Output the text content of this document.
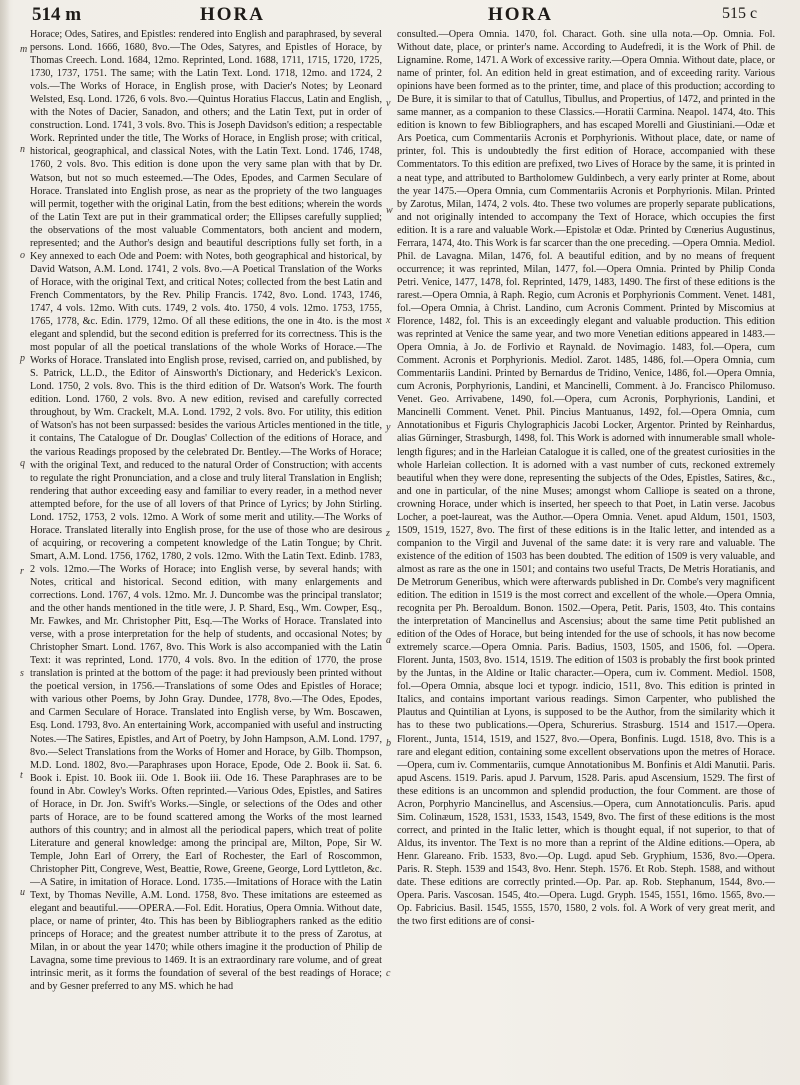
514 m	HORA	HORA	515 c

Horace; Odes, Satires, and Epistles: rendered into English and paraphrased, by several persons. Lond. 1666, 1680, 8vo.—The Odes, Satyres, and Epistles of Horace, by Thomas Creech. Lond. 1684, 12mo. Reprinted, Lond. 1688, 1711, 1715, 1720, 1725, 1730, 1737, 1751. The same; with the Latin Text. Lond. 1718, 12mo. and 1724, 2 vols.—The Works of Horace, in English prose, with Dacier's Notes; by Leonard Welsted, Esq. Lond. 1726, 6 vols. 8vo.—Quintus Horatius Flaccus, Latin and English, with the Notes of Dacier, Sanadon, and others; and the Latin Text, put in order of construction. Lond. 1741, 3 vols. 8vo. This is Joseph Davidson's edition; a respectable Work. Reprinted under the title, The Works of Horace, in English prose; with critical, historical, geographical, and classical Notes, with the Latin Text. Lond. 1746, 1748, 1760, 2 vols. 8vo. This edition is done upon the very same plan with that by Dr. Watson, but not so much esteemed.—The Odes, Epodes, and Carmen Seculare of Horace. Translated into English prose, as near as the propriety of the two languages will permit, together with the original Latin, from the best editions; wherein the words of the Latin Text are put in their grammatical order; the Ellipses carefully supplied; the observations of the most valuable Commentators, both ancient and modern, represented; and the Author's design and beautiful descriptions fully set forth, in a Key annexed to each Ode and Poem: with Notes, both geographical and historical, by David Watson, A.M. Lond. 1741, 2 vols. 8vo.—A Poetical Translation of the Works of Horace, with the original Text, and critical Notes; collected from the best Latin and French Commentators, by the Rev. Philip Francis. 1742, 8vo. Lond. 1743, 1746, 1747, 4 vols. 12mo. With cuts. 1749, 2 vols. 4to. 1750, 4 vols. 12mo. 1753, 1755, 1765, 1778, &c. Edin. 1779, 12mo. Of all these editions, the one in 4to. is the most elegant and splendid, but the second edition is preferred for its correctness. This is the most popular of all the poetical translations of the whole Works of Horace.—The Works of Horace. Translated into English prose, revised, carried on, and published, by S. Patrick, LL.D., the Editor of Ainsworth's Dictionary, and Hederick's Lexicon. Lond. 1750, 2 vols. 8vo. This is the third edition of Dr. Watson's Work. The fourth edition. Lond. 1760, 2 vols. 8vo. A new edition, revised and carefully corrected throughout, by Wm. Crackelt, M.A. Lond. 1792, 2 vols. 8vo. For utility, this edition of Watson's has not been surpassed: besides the various Articles mentioned in the title, it contains, The Catalogue of Dr. Douglas' Collection of the editions of Horace, and the various Readings proposed by the celebrated Dr. Bentley.—The Works of Horace; with the original Text, and reduced to the natural Order of Construction; with accents to regulate the right Pronunciation, and a close and truly literal Translation in English; rendering that author exceeding easy and familiar to every reader, in a method never attempted before, for the use of all lovers of that Prince of Lyrics; by John Stirling. Lond. 1752, 1753, 2 vols. 12mo. A Work of some merit and utility.—The Works of Horace. Translated literally into English prose, for the use of those who are desirous of acquiring, or recovering a competent knowledge of the Latin Tongue; by Chrit. Smart, A.M. Lond. 1756, 1762, 1780, 2 vols. 12mo. With the Latin Text. Edinb. 1783, 2 vols. 12mo.—The Works of Horace; into English verse, by several hands; with Notes, critical and historical. Second edition, with many enlargements and corrections. Lond. 1767, 4 vols. 12mo. Mr. J. Duncombe was the principal translator; and the other hands mentioned in the title were, J. P. Shard, Esq., Wm. Cowper, Esq., Mr. Fawkes, and Mr. Christopher Pitt, Esq.—The Works of Horace. Translated into verse, with a prose interpretation for the help of students, and occasional Notes; by Christopher Smart. Lond. 1767, 8vo. This Work is also accompanied with the Latin Text: it was reprinted, Lond. 1770, 4 vols. 8vo. In the edition of 1770, the prose translation is printed at the bottom of the page: it had previously been printed without the poetical version, in 1756.—Translations of some Odes and Epistles of Horace; with various other Poems, by John Gray. Dundee, 1778, 8vo.—The Odes, Epodes, and Carmen Seculare of Horace. Translated into English verse, by Wm. Boscawen, Esq. Lond. 1793, 8vo. An entertaining Work, accompanied with useful and instructing Notes.—The Satires, Epistles, and Art of Poetry, by John Hampson, A.M. Lond. 1797, 8vo.—Select Translations from the Works of Homer and Horace, by Gilb. Thompson, M.D. Lond. 1802, 8vo.—Paraphrases upon Horace, Epode, Ode 2. Book ii. Sat. 6. Book i. Epist. 10. Book iii. Ode 1. Book iii. Ode 16. These Paraphrases are to be found in Abr. Cowley's Works. Often reprinted.—Various Odes, Epistles, and Satires of Horace, in Dr. Jon. Swift's Works.—Single, or selections of the Odes and other parts of Horace, are to be found scattered among the Works of the most learned authors of this country; and in almost all the periodical papers, which treat of polite Literature and general knowledge: among the principal are, Milton, Pope, Sir W. Temple, John Earl of Orrery, the Earl of Rochester, the Earl of Roscommon, Christopher Pitt, Congreve, West, Beattie, Rowe, Greene, George, Lord Lyttleton, &c.—A Satire, in imitation of Horace. Lond. 1735.—Imitations of Horace with the Latin Text, by Thomas Neville, A.M. Lond. 1758, 8vo. These imitations are esteemed as elegant and beautiful.——OPERA.—Fol. Edit. Horatius, Opera Omnia. Without date, place, or name of printer, 4to. This has been by Bibliographers ranked as the editio princeps of Horace; and the greatest number attribute it to the press of Zarotus, at Milan, in or about the year 1470; while others imagine it the production of Philip de Lavagna, some time previous to 1469. It is an extraordinary rare volume, and of great intrinsic merit, as it forms the foundation of several of the best readings of Horace; and by Gesner preferred to any MS. which he had

consulted.—Opera Omnia. 1470, fol. Charact. Goth. sine ulla nota.—Op. Omnia. Fol. Without date, place, or printer's name. According to Audefredi, it is the Work of Phil. de Lignamine. Rome, 1471. A Work of excessive rarity.—Opera Omnia. Without date, place, or name of printer, fol. An edition held in great estimation, and of exceeding rarity. Various opinions have been formed as to the printer, time, and place of this production; according to De Bure, it is similar to that of Catullus, Tibullus, and Propertius, of 1472, and printed in the same manner, as a companion to these Classics.—Horatii Carmina. Neapol. 1474, 4to. This edition is known to few Bibliographers, and has escaped Morelli and Giustiniani.—Odæ et Ars Poetica, cum Commentariis Acronis et Porphyrionis. Without place, date, or name of printer, fol. This is undoubtedly the first edition of Horace, accompanied with these Commentators. To this edition are prefixed, two Lives of Horace by the same, it is printed in a neat type, and attributed to Bartholomew Guldinbech, a very early printer at Rome, about the year 1475.—Opera Omnia, cum Commentariis Acronis et Porphyrionis. Milan. Printed by Zarotus, Milan, 1474, 2 vols. 4to. These two volumes are properly separate publications, and not originally intended to accompany the Text of Horace, which occupies the first edition. It is a rare and valuable Work.—Epistolæ et Odæ. Printed by Cœnerius Augustinus, Ferrara, 1474, 4to. This Work is far scarcer than the one preceding. —Opera Omnia. Mediol. Phil. de Lavagna. Milan, 1476, fol. A beautiful edition, and by no means of frequent occurrence; it was reprinted, Milan, 1477, fol.—Opera Omnia. Printed by Philip Conda Petri. Venice, 1477, 1478, fol. Reprinted, 1479, 1483, 1490. The first of these editions is the rarest.—Opera Omnia, à Raph. Regio, cum Acronis et Porphyrionis Comment. Venet. 1481, fol.—Opera Omnia, à Christ. Landino, cum Acronis Comment. Printed by Miscomius at Florence, 1482, fol. This is an exceedingly elegant and valuable production. This edition was reprinted at Venice the same year, and two more Venetian editions appeared in 1483.—Opera Omnia, à Jo. de Forlivio et Raynald. de Novimagio. 1483, fol.—Opera, cum Comment. Acronis et Porphyrionis. Mediol. Zarot. 1485, 1486, fol.—Opera Omnia, cum Commentariis Landini. Printed by Bernardus de Tridino, Venice, 1486, fol.—Opera Omnia, cum Acronis, Porphyrionis, Landini, et Mancinelli, Comment. à Jo. Francisco Philomuso. Venet. Geo. Arrivabene, 1490, fol.—Opera, cum Acronis, Porphyrionis, Landini, et Mancinelli Comment. Venet. Phil. Pincius Mantuanus, 1492, fol.—Opera Omnia, cum Annotationibus et Figuris Chylographicis Jacobi Locker, Argentor. Printed by Reinhardus, alias Gürninger, Strasburgh, 1498, fol. This Work is adorned with innumerable small whole-length figures; and in the Harleian Catalogue it is called, one of the greatest curiosities in the whole Harleian collection. It is adorned with a vast number of cuts, reckoned extremely beautiful when they were done, representing the subjects of the Odes, Epistles, Satires, &c., and one in particular, of the nine Muses; amongst whom Calliope is seated on a throne, crowning Horace, under which is inserted, her speech to that Poet, in Latin verse. Jacobus Locher, a poet-laureat, was the Author.—Opera Omnia. Venet. apud Aldum, 1501, 1503, 1509, 1519, 1527, 8vo. The first of these editions is in the Italic letter, and intended as a companion to the Virgil and Juvenal of the same date: it is very rare and valuable. The existence of the edition of 1503 has been doubted. The edition of 1509 is very valuable, and almost as rare as the one in 1501; and contains two useful Tracts, De Metris Horatianis, and De Metrorum Generibus, which were afterwards published in Dr. Combe's very magnificent edition. The edition in 1519 is the most correct and excellent of the whole.—Opera Omnia, recognita per Ph. Beroaldum. Bonon. 1502.—Opera, Petit. Paris, 1503, 4to. This contains the interpretation of Mancinellus and Ascensius; about the same time Petit published an edition of the Odes of Horace, but being intended for the use of schools, it has now become extremely scarce.—Opera Omnia. Paris. Badius, 1503, 1505, and 1506, fol. —Opera. Florent. Junta, 1503, 8vo. 1514, 1519. The edition of 1503 is probably the first book printed by the Juntas, in the Aldine or Italic character.—Opera, cum iv. Comment. Mediol. 1508, fol.—Opera Omnia, absque loci et typogr. indicio, 1511, 8vo. This edition is printed in Italics, and contains important various readings. Simon Carpenter, who published the Plautus and Quintilian at Lyons, is supposed to be the Author, from the similarity which it has to these two publications.—Opera, Schurerius. Strasburg. 1514 and 1517.—Opera. Florent., Junta, 1514, 1519, and 1527, 8vo.—Opera, Bonfinis. Lugd. 1518, 8vo. This is a rare and elegant edition, containing some excellent observations upon the metres of Horace.—Opera, cum iv. Commentariis, cumque Annotationibus M. Bonfinis et Aldi Manutii. Paris. apud Ascens. 1519. Paris. apud J. Parvum, 1528. Paris. apud Ascensium, 1529. The first of these editions is an uncommon and splendid production, the four Comment. are those of Acron, Porphyrio Mancinellus, and Ascensius.—Opera, cum Annotationculis. Paris. apud Sim. Colinæum, 1528, 1531, 1533, 1543, 1549, 8vo. The first of these editions is the most correct, and printed in the Italic letter, which is thought equal, if not superior, to that of Aldus, its inventor. The Text is no more than a reprint of the Aldine editions.—Opera, ab Henr. Glareano. Frib. 1533, 8vo.—Op. Lugd. apud Seb. Gryphium, 1536, 8vo.—Opera. Paris. R. Steph. 1539 and 1543, 8vo. Henr. Steph. 1576. Et Rob. Steph. 1588, and without date. These editions are correctly printed.—Op. Par. ap. Rob. Stephanum, 1544, 8vo.—Opera. Paris. Vascosan. 1545, 4to.—Opera. Lugd. Gryph. 1545, 1551, 16mo. 1565, 8vo.—Op. Fabricius. Basil. 1545, 1555, 1570, 1580, 2 vols. fol. A Work of very great merit, and the two first editions are of consi-

m
n
o
p
q
r
s
t
u
v
w
x
y
z
a
b
c
